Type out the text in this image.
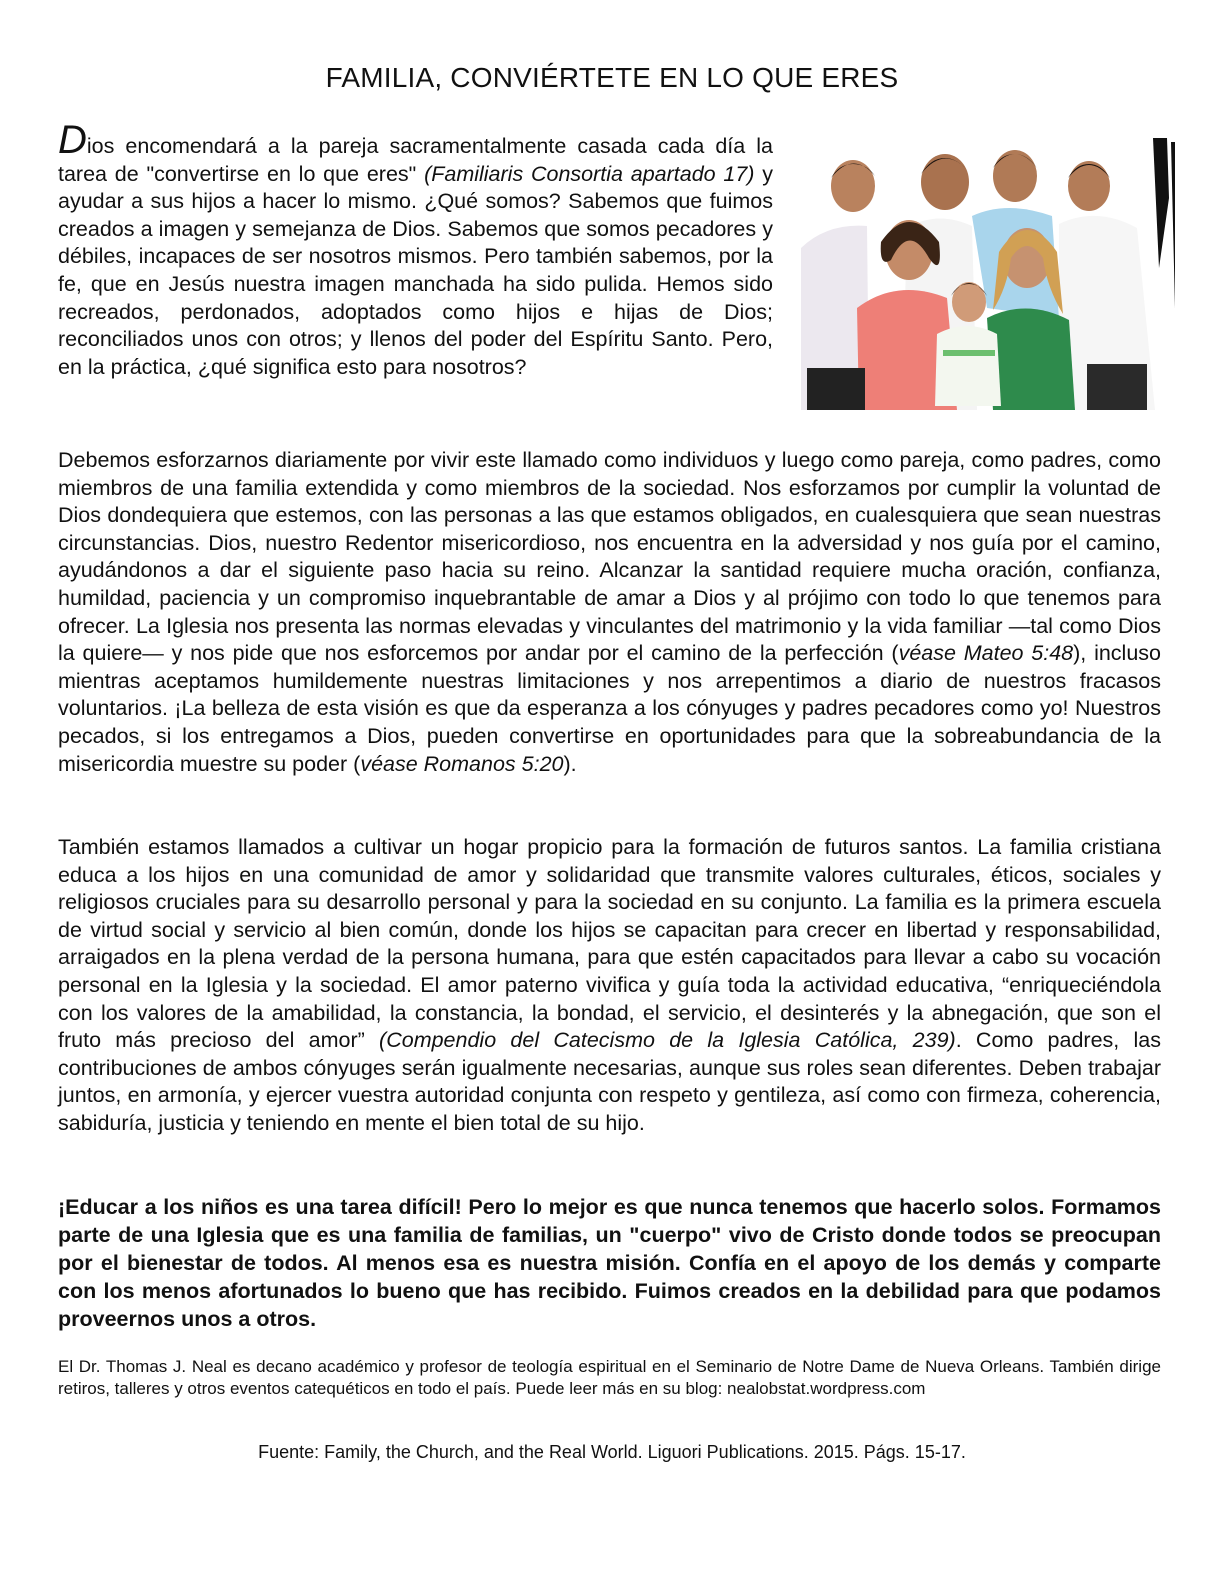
FAMILIA, CONVIÉRTETE EN LO QUE ERES
Dios encomendará a la pareja sacramentalmente casada cada día la tarea de "convertirse en lo que eres" (Familiaris Consortia apartado 17) y ayudar a sus hijos a hacer lo mismo. ¿Qué somos? Sabemos que fuimos creados a imagen y semejanza de Dios. Sabemos que somos pecadores y débiles, incapaces de ser nosotros mismos. Pero también sabemos, por la fe, que en Jesús nuestra imagen manchada ha sido pulida. Hemos sido recreados, perdonados, adoptados como hijos e hijas de Dios; reconciliados unos con otros; y llenos del poder del Espíritu Santo. Pero, en la práctica, ¿qué significa esto para nosotros?

Debemos esforzarnos diariamente por vivir este llamado como individuos y luego como pareja, como padres, como miembros de una familia extendida y como miembros de la sociedad. Nos esforzamos por cumplir la voluntad de Dios dondequiera que estemos, con las personas a las que estamos obligados, en cualesquiera que sean nuestras circunstancias. Dios, nuestro Redentor misericordioso, nos encuentra en la adversidad y nos guía por el camino, ayudándonos a dar el siguiente paso hacia su reino. Alcanzar la santidad requiere mucha oración, confianza, humildad, paciencia y un compromiso inquebrantable de amar a Dios y al prójimo con todo lo que tenemos para ofrecer. La Iglesia nos presenta las normas elevadas y vinculantes del matrimonio y la vida familiar —tal como Dios la quiere— y nos pide que nos esforcemos por andar por el camino de la perfección (véase Mateo 5:48), incluso mientras aceptamos humildemente nuestras limitaciones y nos arrepentimos a diario de nuestros fracasos voluntarios. ¡La belleza de esta visión es que da esperanza a los cónyuges y padres pecadores como yo! Nuestros pecados, si los entregamos a Dios, pueden convertirse en oportunidades para que la sobreabundancia de la misericordia muestre su poder (véase Romanos 5:20).

También estamos llamados a cultivar un hogar propicio para la formación de futuros santos. La familia cristiana educa a los hijos en una comunidad de amor y solidaridad que transmite valores culturales, éticos, sociales y religiosos cruciales para su desarrollo personal y para la sociedad en su conjunto. La familia es la primera escuela de virtud social y servicio al bien común, donde los hijos se capacitan para crecer en libertad y responsabilidad, arraigados en la plena verdad de la persona humana, para que estén capacitados para llevar a cabo su vocación personal en la Iglesia y la sociedad. El amor paterno vivifica y guía toda la actividad educativa, “enriqueciéndola con los valores de la amabilidad, la constancia, la bondad, el servicio, el desinterés y la abnegación, que son el fruto más precioso del amor” (Compendio del Catecismo de la Iglesia Católica, 239). Como padres, las contribuciones de ambos cónyuges serán igualmente necesarias, aunque sus roles sean diferentes. Deben trabajar juntos, en armonía, y ejercer vuestra autoridad conjunta con respeto y gentileza, así como con firmeza, coherencia, sabiduría, justicia y teniendo en mente el bien total de su hijo.

¡Educar a los niños es una tarea difícil! Pero lo mejor es que nunca tenemos que hacerlo solos. Formamos parte de una Iglesia que es una familia de familias, un "cuerpo" vivo de Cristo donde todos se preocupan por el bienestar de todos. Al menos esa es nuestra misión. Confía en el apoyo de los demás y comparte con los menos afortunados lo bueno que has recibido. Fuimos creados en la debilidad para que podamos proveernos unos a otros.

El Dr. Thomas J. Neal es decano académico y profesor de teología espiritual en el Seminario de Notre Dame de Nueva Orleans. También dirige retiros, talleres y otros eventos catequéticos en todo el país. Puede leer más en su blog: nealobstat.wordpress.com
Fuente: Family, the Church, and the Real World. Liguori Publications. 2015. Págs. 15-17.
